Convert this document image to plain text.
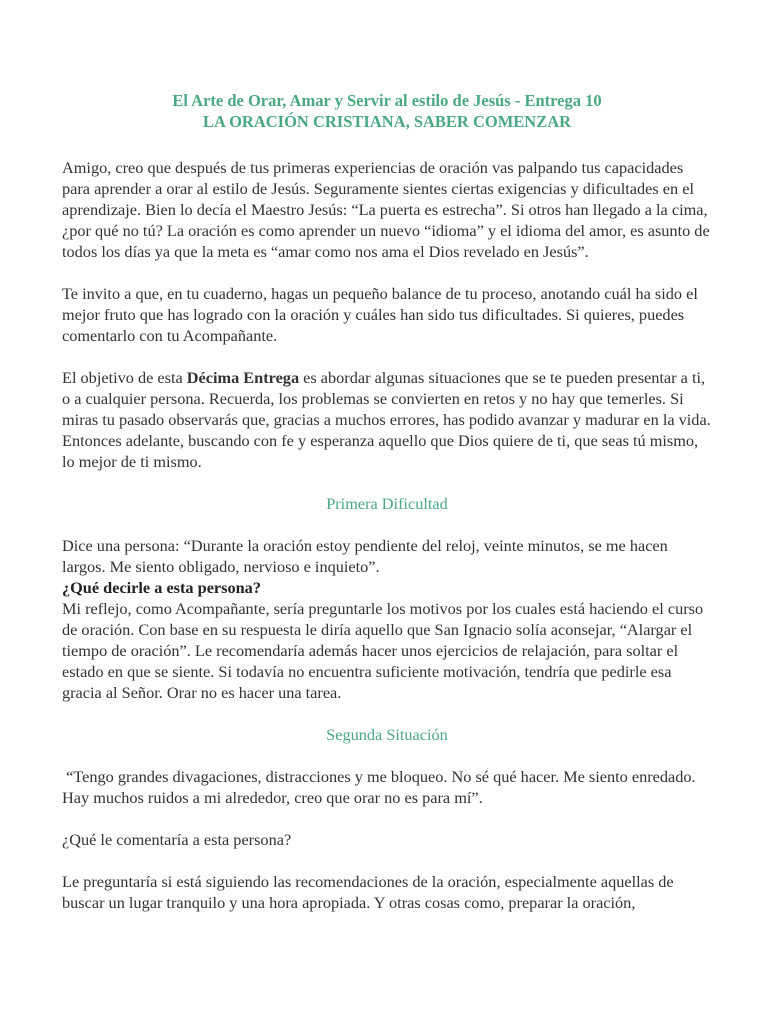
El Arte de Orar, Amar y Servir al estilo de Jesús - Entrega 10

LA ORACIÓN CRISTIANA, SABER COMENZAR

Amigo, creo que después de tus primeras experiencias de oración vas palpando tus capacidades para aprender a orar al estilo de Jesús. Seguramente sientes ciertas exigencias y dificultades en el aprendizaje. Bien lo decía el Maestro Jesús: “La puerta es estrecha”. Si otros han llegado a la cima, ¿por qué no tú? La oración es como aprender un nuevo “idioma” y el idioma del amor, es asunto de todos los días ya que la meta es “amar como nos ama el Dios revelado en Jesús”.

Te invito a que, en tu cuaderno, hagas un pequeño balance de tu proceso, anotando cuál ha sido el mejor fruto que has logrado con la oración y cuáles han sido tus dificultades. Si quieres, puedes comentarlo con tu Acompañante.

El objetivo de esta Décima Entrega es abordar algunas situaciones que se te pueden presentar a ti, o a cualquier persona. Recuerda, los problemas se convierten en retos y no hay que temerles. Si miras tu pasado observarás que, gracias a muchos errores, has podido avanzar y madurar en la vida. Entonces adelante, buscando con fe y esperanza aquello que Dios quiere de ti, que seas tú mismo, lo mejor de ti mismo.

Primera Dificultad

Dice una persona: “Durante la oración estoy pendiente del reloj, veinte minutos, se me hacen largos. Me siento obligado, nervioso e inquieto”.

¿Qué decirle a esta persona?

Mi reflejo, como Acompañante, sería preguntarle los motivos por los cuales está haciendo el curso de oración. Con base en su respuesta le diría aquello que San Ignacio solía aconsejar, “Alargar el tiempo de oración”. Le recomendaría además hacer unos ejercicios de relajación, para soltar el estado en que se siente. Si todavía no encuentra suficiente motivación, tendría que pedirle esa gracia al Señor. Orar no es hacer una tarea.

Segunda Situación

“Tengo grandes divagaciones, distracciones y me bloqueo. No sé qué hacer. Me siento enredado. Hay muchos ruidos a mi alrededor, creo que orar no es para mí”.

¿Qué le comentaría a esta persona?

Le preguntaría si está siguiendo las recomendaciones de la oración, especialmente aquellas de buscar un lugar tranquilo y una hora apropiada. Y otras cosas como, preparar la oración,
